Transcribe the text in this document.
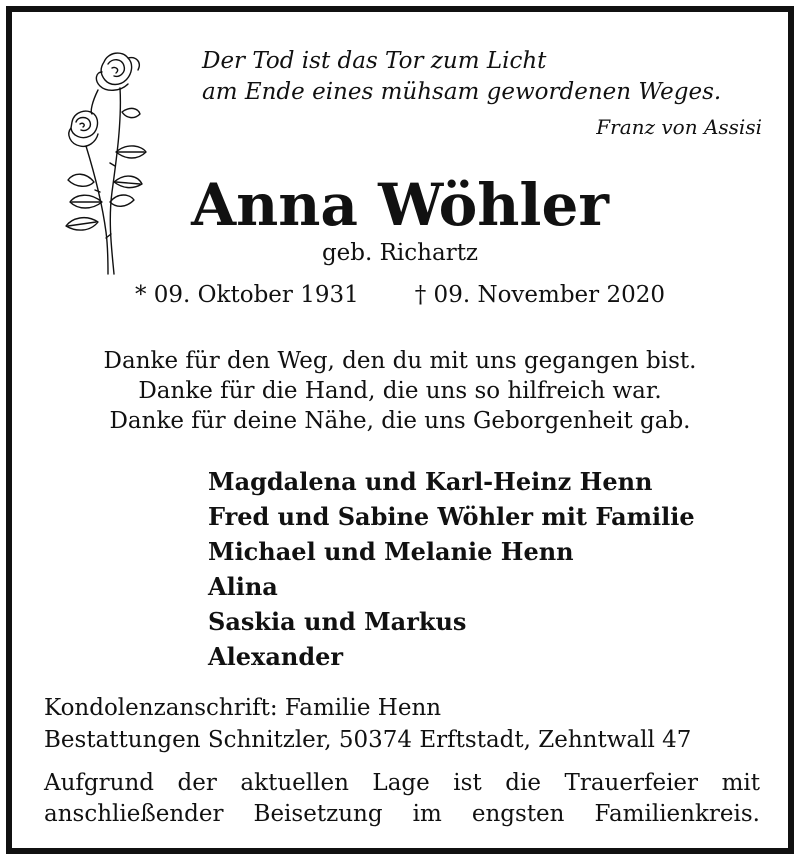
Der Tod ist das Tor zum Licht
am Ende eines mühsam gewordenen Weges.
Franz von Assisi
Anna Wöhler
geb. Richartz
* 09. Oktober 1931 † 09. November 2020
Danke für den Weg, den du mit uns gegangen bist.
Danke für die Hand, die uns so hilfreich war.
Danke für deine Nähe, die uns Geborgenheit gab.
Magdalena und Karl-Heinz Henn
Fred und Sabine Wöhler mit Familie
Michael und Melanie Henn
Alina
Saskia und Markus
Alexander
Kondolenzanschrift: Familie Henn
Bestattungen Schnitzler, 50374 Erftstadt, Zehntwall 47
Aufgrund der aktuellen Lage ist die Trauerfeier mit
anschließender Beisetzung im engsten Familienkreis.
